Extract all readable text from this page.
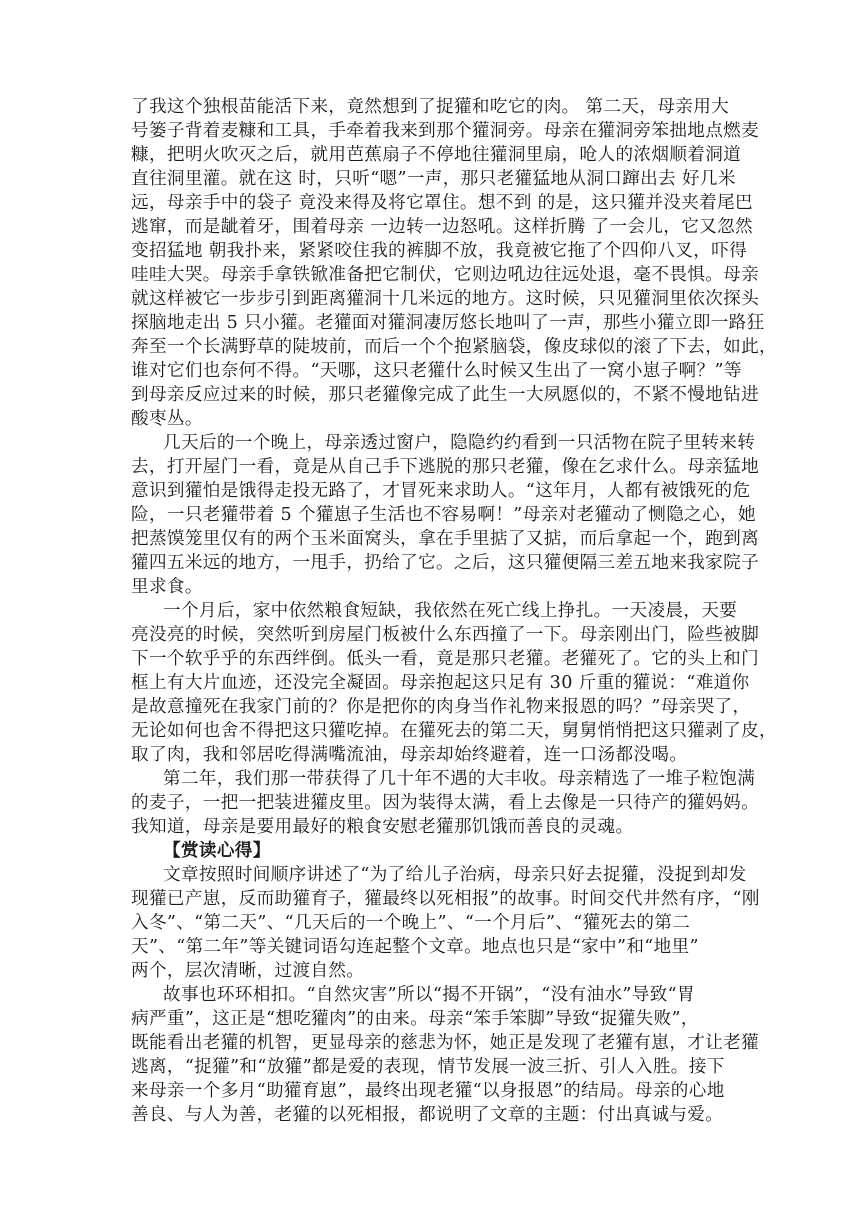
了我这个独根苗能活下来，竟然想到了捉獾和吃它的肉。 第二天，母亲用大
号篓子背着麦糠和工具，手牵着我来到那个獾洞旁。母亲在獾洞旁笨拙地点燃麦
糠，把明火吹灭之后，就用芭蕉扇子不停地往獾洞里扇，呛人的浓烟顺着洞道
直往洞里灌。就在这 时，只听“嗯”一声，那只老獾猛地从洞口蹿出去 好几米
远，母亲手中的袋子 竟没来得及将它罩住。想不到 的是，这只獾并没夹着尾巴
逃窜，而是龇着牙，围着母亲 一边转一边怒吼。这样折腾 了一会儿，它又忽然
变招猛地 朝我扑来，紧紧咬住我的裤脚不放，我竟被它拖了个四仰八叉，吓得
哇哇大哭。母亲手拿铁锨准备把它制伏，它则边吼边往远处退，毫不畏惧。母亲
就这样被它一步步引到距离獾洞十几米远的地方。这时候，只见獾洞里依次探头
探脑地走出 5 只小獾。老獾面对獾洞凄厉悠长地叫了一声，那些小獾立即一路狂
奔至一个长满野草的陡坡前，而后一个个抱紧脑袋，像皮球似的滚了下去，如此，
谁对它们也奈何不得。“天哪，这只老獾什么时候又生出了一窝小崽子啊？”等
到母亲反应过来的时候，那只老獾像完成了此生一大夙愿似的，不紧不慢地钻进
酸枣丛。
几天后的一个晚上，母亲透过窗户，隐隐约约看到一只活物在院子里转来转
去，打开屋门一看，竟是从自己手下逃脱的那只老獾，像在乞求什么。母亲猛地
意识到獾怕是饿得走投无路了，才冒死来求助人。“这年月，人都有被饿死的危
险，一只老獾带着 5 个獾崽子生活也不容易啊！”母亲对老獾动了恻隐之心，她
把蒸馍笼里仅有的两个玉米面窝头，拿在手里掂了又掂，而后拿起一个，跑到离
獾四五米远的地方，一甩手，扔给了它。之后，这只獾便隔三差五地来我家院子
里求食。
一个月后，家中依然粮食短缺，我依然在死亡线上挣扎。一天凌晨，天要
亮没亮的时候，突然听到房屋门板被什么东西撞了一下。母亲刚出门，险些被脚
下一个软乎乎的东西绊倒。低头一看，竟是那只老獾。老獾死了。它的头上和门
框上有大片血迹，还没完全凝固。母亲抱起这只足有 30 斤重的獾说：“难道你
是故意撞死在我家门前的？你是把你的肉身当作礼物来报恩的吗？”母亲哭了，
无论如何也舍不得把这只獾吃掉。在獾死去的第二天，舅舅悄悄把这只獾剥了皮，
取了肉，我和邻居吃得满嘴流油，母亲却始终避着，连一口汤都没喝。
第二年，我们那一带获得了几十年不遇的大丰收。母亲精选了一堆子粒饱满
的麦子，一把一把装进獾皮里。因为装得太满，看上去像是一只待产的獾妈妈。
我知道，母亲是要用最好的粮食安慰老獾那饥饿而善良的灵魂。
【赏读心得】
文章按照时间顺序讲述了“为了给儿子治病，母亲只好去捉獾，没捉到却发
现獾已产崽，反而助獾育子，獾最终以死相报”的故事。时间交代井然有序，“刚
入冬”、“第二天”、“几天后的一个晚上”、“一个月后”、“獾死去的第二
天”、“第二年”等关键词语勾连起整个文章。地点也只是“家中”和“地里”
两个，层次清晰，过渡自然。
故事也环环相扣。“自然灾害”所以“揭不开锅”，“没有油水”导致“胃
病严重”，这正是“想吃獾肉”的由来。母亲“笨手笨脚”导致“捉獾失败”，
既能看出老獾的机智，更显母亲的慈悲为怀，她正是发现了老獾有崽，才让老獾
逃离，“捉獾”和“放獾”都是爱的表现，情节发展一波三折、引人入胜。接下
来母亲一个多月“助獾育崽”，最终出现老獾“以身报恩”的结局。母亲的心地
善良、与人为善，老獾的以死相报，都说明了文章的主题：付出真诚与爱。
